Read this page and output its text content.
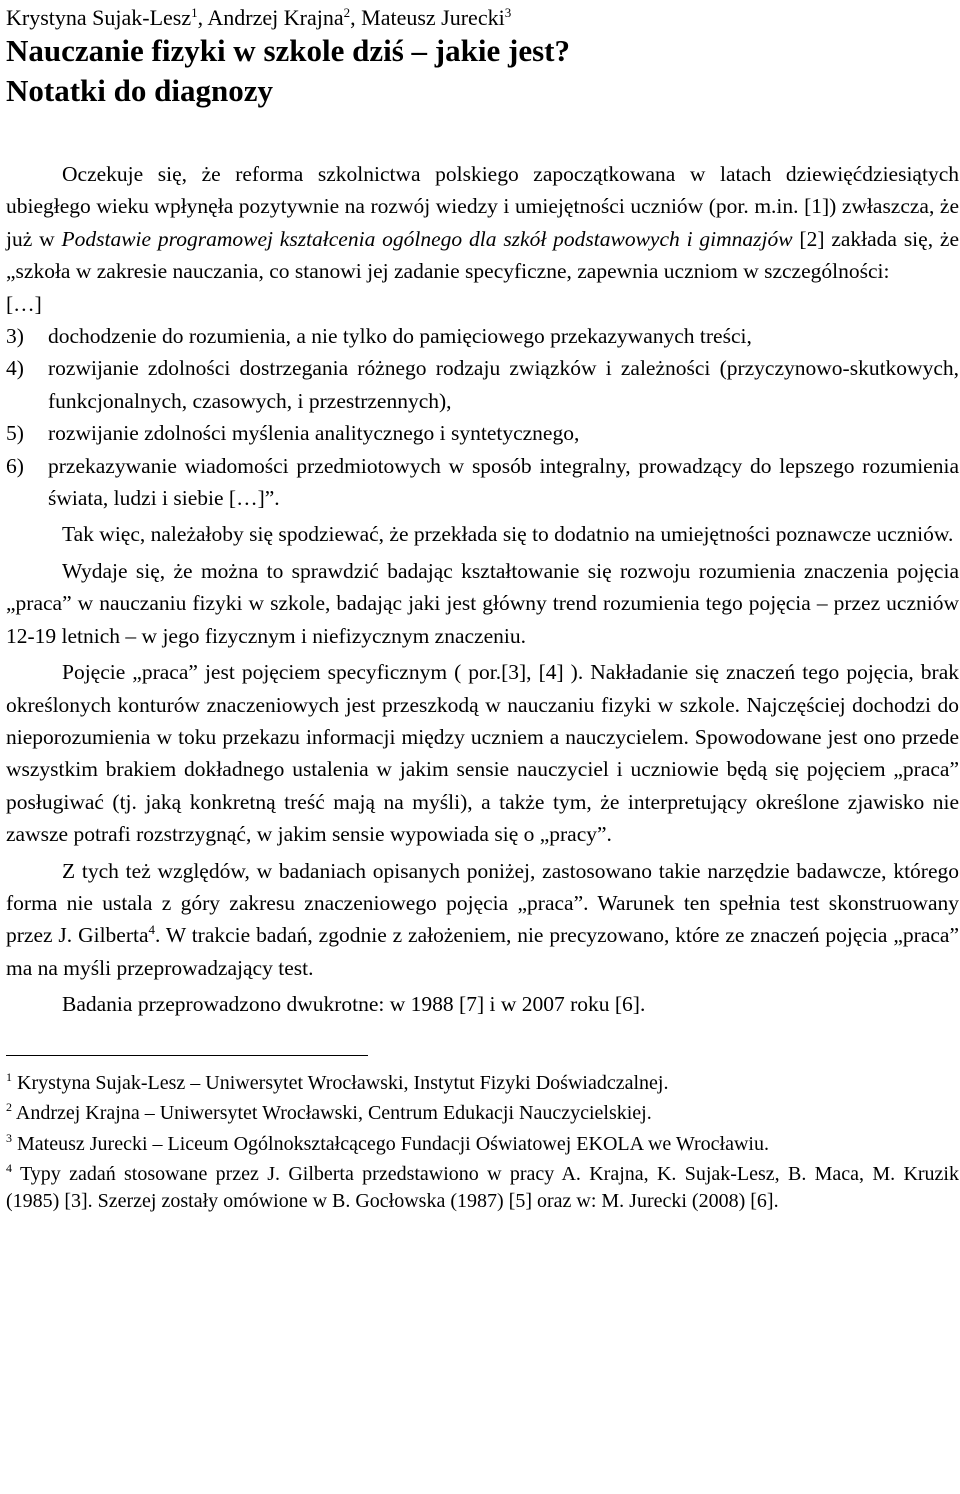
Krystyna Sujak-Lesz$^1$, Andrzej Krajna$^2$, Mateusz Jurecki$^3$
Nauczanie fizyki w szkole dziś – jakie jest?
Notatki do diagnozy

Oczekuje się, że reforma szkolnictwa polskiego zapoczątkowana w latach dziewięćdziesiątych ubiegłego wieku wpłynęła pozytywnie na rozwój wiedzy i umiejętności uczniów (por. m.in. [1]) zwłaszcza, że już w Podstawie programowej kształcenia ogólnego dla szkół podstawowych i gimnazjów [2] zakłada się, że „szkoła w zakresie nauczania, co stanowi jej zadanie specyficzne, zapewnia uczniom w szczególności:

[…]

3) dochodzenie do rozumienia, a nie tylko do pamięciowego przekazywanych treści,

4) rozwijanie zdolności dostrzegania różnego rodzaju związków i zależności (przyczynowo-skutkowych, funkcjonalnych, czasowych, i przestrzennych),

5) rozwijanie zdolności myślenia analitycznego i syntetycznego,

6) przekazywanie wiadomości przedmiotowych w sposób integralny, prowadzący do lepszego rozumienia świata, ludzi i siebie […]”.

Tak więc, należałoby się spodziewać, że przekłada się to dodatnio na umiejętności poznawcze uczniów.

Wydaje się, że można to sprawdzić badając kształtowanie się rozwoju rozumienia znaczenia pojęcia „praca” w nauczaniu fizyki w szkole, badając jaki jest główny trend rozumienia tego pojęcia – przez uczniów 12-19 letnich – w jego fizycznym i niefizycznym znaczeniu.

Pojęcie „praca” jest pojęciem specyficznym ( por.[3], [4] ). Nakładanie się znaczeń tego pojęcia, brak określonych konturów znaczeniowych jest przeszkodą w nauczaniu fizyki w szkole. Najczęściej dochodzi do nieporozumienia w toku przekazu informacji między uczniem a nauczycielem. Spowodowane jest ono przede wszystkim brakiem dokładnego ustalenia w jakim sensie nauczyciel i uczniowie będą się pojęciem „praca” posługiwać (tj. jaką konkretną treść mają na myśli), a także tym, że interpretujący określone zjawisko nie zawsze potrafi rozstrzygnąć, w jakim sensie wypowiada się o „pracy”.

Z tych też względów, w badaniach opisanych poniżej, zastosowano takie narzędzie badawcze, którego forma nie ustala z góry zakresu znaczeniowego pojęcia „praca”. Warunek ten spełnia test skonstruowany przez J. Gilberta$^4$. W trakcie badań, zgodnie z założeniem, nie precyzowano, które ze znaczeń pojęcia „praca” ma na myśli przeprowadzający test.

Badania przeprowadzono dwukrotne: w 1988 [7] i w 2007 roku [6].

$^1$ Krystyna Sujak-Lesz – Uniwersytet Wrocławski, Instytut Fizyki Doświadczalnej.

$^2$ Andrzej Krajna – Uniwersytet Wrocławski, Centrum Edukacji Nauczycielskiej.

$^3$ Mateusz Jurecki – Liceum Ogólnokształcącego Fundacji Oświatowej EKOLA we Wrocławiu.

$^4$ Typy zadań stosowane przez J. Gilberta przedstawiono w pracy A. Krajna, K. Sujak-Lesz, B. Maca, M. Kruzik (1985) [3]. Szerzej zostały omówione w B. Gocłowska (1987) [5] oraz w: M. Jurecki (2008) [6].
